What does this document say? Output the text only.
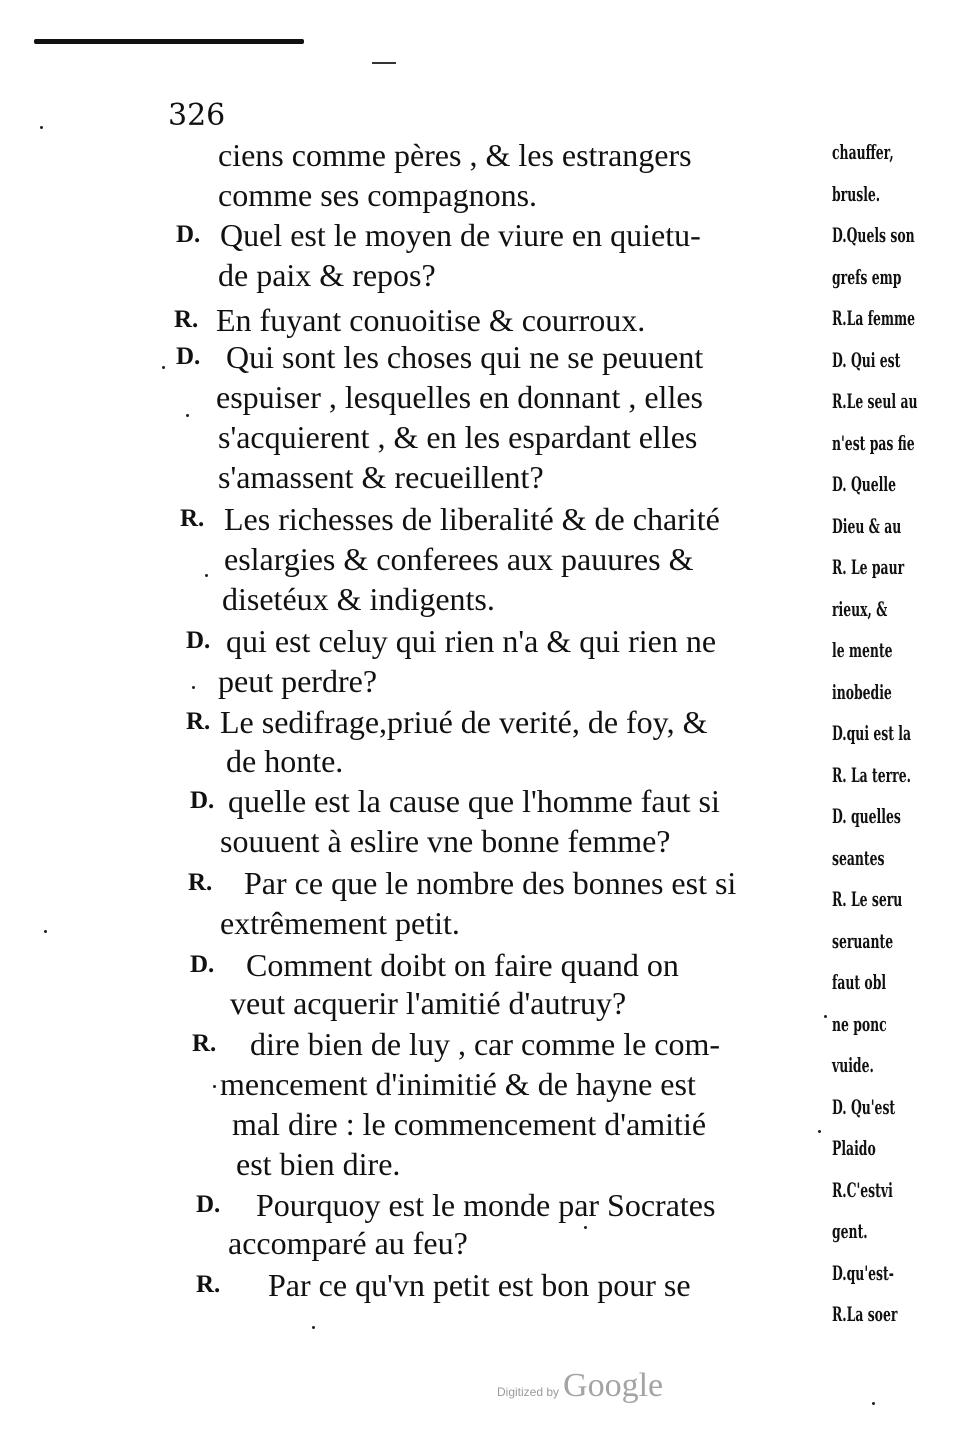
326
ciens comme pères , & les estrangers
comme ses compagnons.
D. Quel est le moyen de viure en quietu-
de paix & repos?
R. En fuyant conuoitise & courroux.
D. Qui sont les choses qui ne se peuuent
espuiser , lesquelles en donnant , elles
s'acquierent , & en les espardant elles
s'amassent & recueillent?
R. Les richesses de liberalité & de charité
eslargies & conferees aux pauures &
disetéux & indigents.
D. qui est celuy qui rien n'a & qui rien ne
peut perdre?
R. Le sedifrage,priué de verité, de foy, &
de honte.
D. quelle est la cause que l'homme faut si
souuent à eslire vne bonne femme?
R. Par ce que le nombre des bonnes est si
extrêmement petit.
D. Comment doibt on faire quand on
veut acquerir l'amitié d'autruy?
R. dire bien de luy , car comme le com-
mencement d'inimitié & de hayne est
mal dire : le commencement d'amitié
est bien dire.
D. Pourquoy est le monde par Socrates
accomparé au feu?
R. Par ce qu'vn petit est bon pour se
chauffer,
brusle.
D.Quels son
grefs emp
R.La femme
D. Qui est
R.Le seul au
n'est pas fie
D. Quelle
Dieu & au
R. Le paur
rieux, &
le mente
inobedie
D.qui est la
R. La terre.
D. quelles
seantes
R. Le seru
seruante
faut obl
ne ponc
vuide.
D. Qu'est
Plaido
R.C'estvi
gent.
D.qu'est-
R.La soer
Digitized by Google
